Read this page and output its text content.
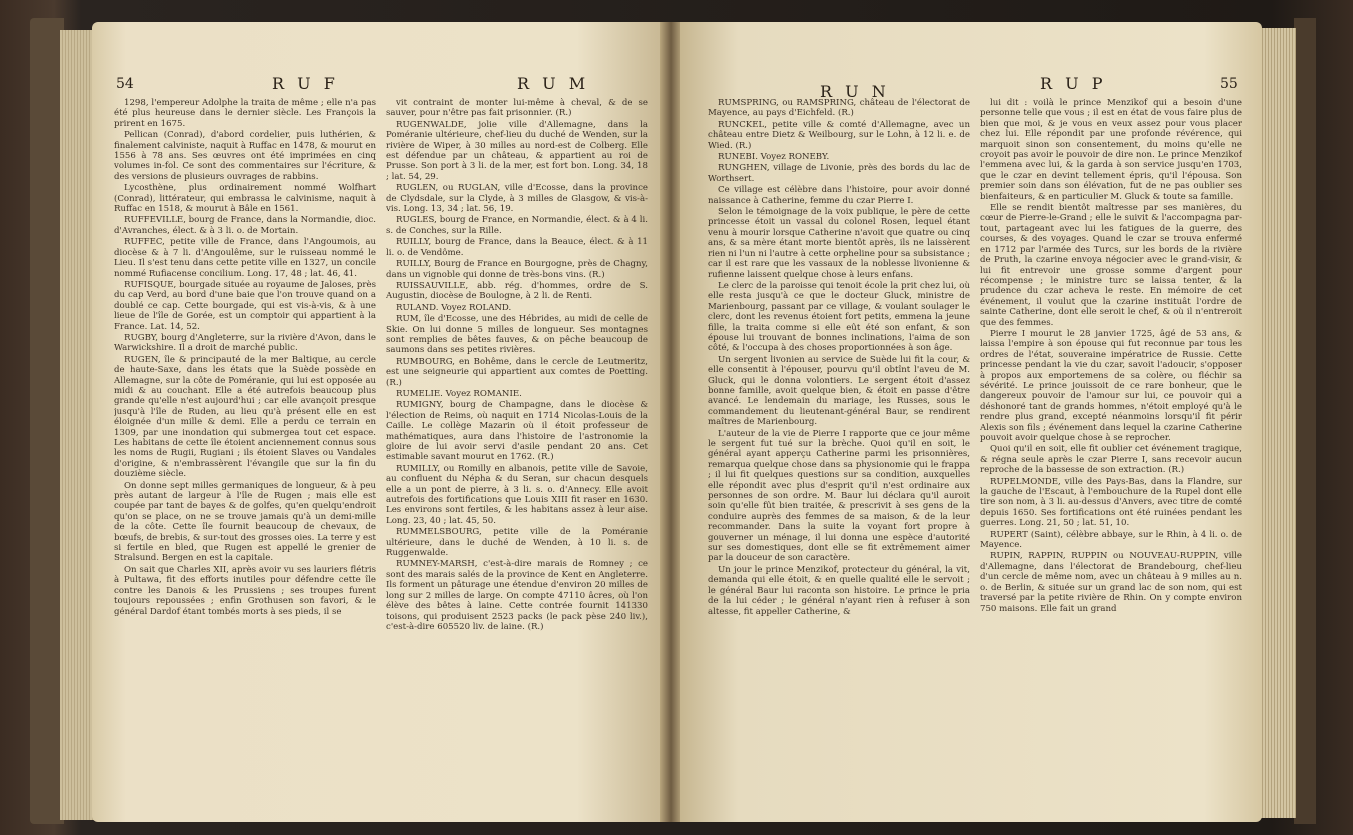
54	R U F	R U M

1298, l'empereur Adolphe la traita de même ; elle n'a pas été plus heureuse dans le dernier siècle. Les François la prirent en 1675.

Pellican (Conrad), d'abord cordelier, puis luthérien, & finalement calviniste, naquit à Ruffac en 1478, & mourut en 1556 à 78 ans. Ses œuvres ont été imprimées en cinq volumes in-fol. Ce sont des commentaires sur l'écriture, & des versions de plusieurs ouvrages de rabbins.

Lycosthène, plus ordinairement nommé Wolfhart (Conrad), littérateur, qui embrassa le calvinisme, naquit à Ruffac en 1518, & mourut à Bâle en 1561.

RUFFEVILLE, bourg de France, dans la Normandie, dioc. d'Avranches, élect. & à 3 li. o. de Mortain.

RUFFEC, petite ville de France, dans l'Angoumois, au diocèse & à 7 li. d'Angoulême, sur le ruisseau nommé le Lieu. Il s'est tenu dans cette petite ville en 1327, un concile nommé Rufiacense concilium. Long. 17, 48 ; lat. 46, 41.

RUFISQUE, bourgade située au royaume de Jaloses, près du cap Verd, au bord d'une baie que l'on trouve quand on a doublé ce cap. Cette bourgade, qui est vis-à-vis, & à une lieue de l'île de Gorée, est un comptoir qui appartient à la France. Lat. 14, 52.

RUGBY, bourg d'Angleterre, sur la rivière d'Avon, dans le Warwickshire. Il a droit de marché public.

RUGEN, île & principauté de la mer Baltique, au cercle de haute-Saxe, dans les états que la Suède possède en Allemagne, sur la côte de Poméranie, qui lui est opposée au midi & au couchant. Elle a été autrefois beaucoup plus grande qu'elle n'est aujourd'hui ; car elle avançoit presque jusqu'à l'île de Ruden, au lieu qu'à présent elle en est éloignée d'un mille & demi. Elle a perdu ce terrain en 1309, par une inondation qui submergea tout cet espace. Les habitans de cette île étoient anciennement connus sous les noms de Rugii, Rugiani ; ils étoient Slaves ou Vandales d'origine, & n'embrassèrent l'évangile que sur la fin du douzième siècle.

On donne sept milles germaniques de longueur, & à peu près autant de largeur à l'île de Rugen ; mais elle est coupée par tant de bayes & de golfes, qu'en quelqu'endroit qu'on se place, on ne se trouve jamais qu'à un demi-mille de la côte. Cette île fournit beaucoup de chevaux, de bœufs, de brebis, & sur-tout des grosses oies. La terre y est si fertile en bled, que Rugen est appellé le grenier de Stralsund. Bergen en est la capitale.

On sait que Charles XII, après avoir vu ses lauriers flétris à Pultawa, fit des efforts inutiles pour défendre cette île contre les Danois & les Prussiens ; ses troupes furent toujours repoussées ; enfin Grothusen son favori, & le général Dardof étant tombés morts à ses pieds, il se

vit contraint de monter lui-même à cheval, & de se sauver, pour n'être pas fait prisonnier. (R.)

RUGENWALDE, jolie ville d'Allemagne, dans la Poméranie ultérieure, chef-lieu du duché de Wenden, sur la rivière de Wiper, à 30 milles au nord-est de Colberg. Elle est défendue par un château, & appartient au roi de Prusse. Son port à 3 li. de la mer, est fort bon. Long. 34, 18 ; lat. 54, 29.

RUGLEN, ou RUGLAN, ville d'Ecosse, dans la province de Clydsdale, sur la Clyde, à 3 milles de Glasgow, & vis-à-vis. Long. 13, 34 ; lat. 56, 19.

RUGLES, bourg de France, en Normandie, élect. & à 4 li. s. de Conches, sur la Rille.

RUILLY, bourg de France, dans la Beauce, élect. & à 11 li. o. de Vendôme.

RUILLY, Bourg de France en Bourgogne, près de Chagny, dans un vignoble qui donne de très-bons vins. (R.)

RUISSAUVILLE, abb. rég. d'hommes, ordre de S. Augustin, diocèse de Boulogne, à 2 li. de Renti.

RULAND. Voyez ROLAND.

RUM, île d'Ecosse, une des Hébrides, au midi de celle de Skie. On lui donne 5 milles de longueur. Ses montagnes sont remplies de bêtes fauves, & on pêche beaucoup de saumons dans ses petites rivières.

RUMBOURG, en Bohême, dans le cercle de Leutmeritz, est une seigneurie qui appartient aux comtes de Poetting. (R.)

RUMELIE. Voyez ROMANIE.

RUMIGNY, bourg de Champagne, dans le diocèse & l'élection de Reims, où naquit en 1714 Nicolas-Louis de la Caille. Le collège Mazarin où il étoit professeur de mathématiques, aura dans l'histoire de l'astronomie la gloire de lui avoir servi d'asile pendant 20 ans. Cet estimable savant mourut en 1762. (R.)

RUMILLY, ou Romilly en albanois, petite ville de Savoie, au confluent du Népha & du Seran, sur chacun desquels elle a un pont de pierre, à 3 li. s. o. d'Annecy. Elle avoit autrefois des fortifications que Louis XIII fit raser en 1630. Les environs sont fertiles, & les habitans assez à leur aise. Long. 23, 40 ; lat. 45, 50.

RUMMELSBOURG, petite ville de la Poméranie ultérieure, dans le duché de Wenden, à 10 li. s. de Ruggenwalde.

RUMNEY-MARSH, c'est-à-dire marais de Romney ; ce sont des marais salés de la province de Kent en Angleterre. Ils forment un pâturage une étendue d'environ 20 milles de long sur 2 milles de large. On compte 47110 âcres, où l'on élève des bêtes à laine. Cette contrée fournit 141330 toisons, qui produisent 2523 packs (le pack pèse 240 liv.), c'est-à-dire 605520 liv. de laine. (R.)

R U N	R U P	55

RUMSPRING, ou RAMSPRING, château de l'électorat de Mayence, au pays d'Eichfeld. (R.)

RUNCKEL, petite ville & comté d'Allemagne, avec un château entre Dietz & Weilbourg, sur le Lohn, à 12 li. e. de Wied. (R.)

RUNEBI. Voyez RONEBY.

RUNGHEN, village de Livonie, près des bords du lac de Worthsert.

Ce village est célèbre dans l'histoire, pour avoir donné naissance à Catherine, femme du czar Pierre I.

Selon le témoignage de la voix publique, le père de cette princesse étoit un vassal du colonel Rosen, lequel étant venu à mourir lorsque Catherine n'avoit que quatre ou cinq ans, & sa mère étant morte bientôt après, ils ne laissèrent rien ni l'un ni l'autre à cette orpheline pour sa subsistance ; car il est rare que les vassaux de la noblesse livonienne & rufienne laissent quelque chose à leurs enfans.

Le clerc de la paroisse qui tenoit école la prit chez lui, où elle resta jusqu'à ce que le docteur Gluck, ministre de Marienbourg, passant par ce village, & voulant soulager le clerc, dont les revenus étoient fort petits, emmena la jeune fille, la traita comme si elle eût été son enfant, & son épouse lui trouvant de bonnes inclinations, l'aima de son côté, & l'occupa à des choses proportionnées à son âge.

Un sergent livonien au service de Suède lui fit la cour, & elle consentit à l'épouser, pourvu qu'il obtînt l'aveu de M. Gluck, qui le donna volontiers. Le sergent étoit d'assez bonne famille, avoit quelque bien, & étoit en passe d'être avancé. Le lendemain du mariage, les Russes, sous le commandement du lieutenant-général Baur, se rendirent maîtres de Marienbourg.

L'auteur de la vie de Pierre I rapporte que ce jour même le sergent fut tué sur la brèche. Quoi qu'il en soit, le général ayant apperçu Catherine parmi les prisonnières, remarqua quelque chose dans sa physionomie qui le frappa ; il lui fit quelques questions sur sa condition, auxquelles elle répondit avec plus d'esprit qu'il n'est ordinaire aux personnes de son ordre. M. Baur lui déclara qu'il auroit soin qu'elle fût bien traitée, & prescrivit à ses gens de la conduire auprès des femmes de sa maison, & de la leur recommander. Dans la suite la voyant fort propre à gouverner un ménage, il lui donna une espèce d'autorité sur ses domestiques, dont elle se fit extrêmement aimer par la douceur de son caractère.

Un jour le prince Menzikof, protecteur du général, la vit, demanda qui elle étoit, & en quelle qualité elle le servoit ; le général Baur lui raconta son histoire. Le prince le pria de la lui céder ; le général n'ayant rien à refuser à son altesse, fit appeller Catherine, &

lui dit : voilà le prince Menzikof qui a besoin d'une personne telle que vous ; il est en état de vous faire plus de bien que moi, & je vous en veux assez pour vous placer chez lui. Elle répondit par une profonde révérence, qui marquoit sinon son consentement, du moins qu'elle ne croyoit pas avoir le pouvoir de dire non. Le prince Menzikof l'emmena avec lui, & la garda à son service jusqu'en 1703, que le czar en devint tellement épris, qu'il l'épousa. Son premier soin dans son élévation, fut de ne pas oublier ses bienfaiteurs, & en particulier M. Gluck & toute sa famille.

Elle se rendit bientôt maîtresse par ses manières, du cœur de Pierre-le-Grand ; elle le suivit & l'accompagna par-tout, partageant avec lui les fatigues de la guerre, des courses, & des voyages. Quand le czar se trouva enfermé en 1712 par l'armée des Turcs, sur les bords de la rivière de Pruth, la czarine envoya négocier avec le grand-visir, & lui fit entrevoir une grosse somme d'argent pour récompense ; le ministre turc se laissa tenter, & la prudence du czar acheva le reste. En mémoire de cet événement, il voulut que la czarine instituât l'ordre de sainte Catherine, dont elle seroit le chef, & où il n'entreroit que des femmes.

Pierre I mourut le 28 janvier 1725, âgé de 53 ans, & laissa l'empire à son épouse qui fut reconnue par tous les ordres de l'état, souveraine impératrice de Russie. Cette princesse pendant la vie du czar, savoit l'adoucir, s'opposer à propos aux emportemens de sa colère, ou fléchir sa sévérité. Le prince jouissoit de ce rare bonheur, que le dangereux pouvoir de l'amour sur lui, ce pouvoir qui a déshonoré tant de grands hommes, n'étoit employé qu'à le rendre plus grand, excepté néanmoins lorsqu'il fit périr Alexis son fils ; événement dans lequel la czarine Catherine pouvoit avoir quelque chose à se reprocher.

Quoi qu'il en soit, elle fit oublier cet événement tragique, & régna seule après le czar Pierre I, sans recevoir aucun reproche de la bassesse de son extraction. (R.)

RUPELMONDE, ville des Pays-Bas, dans la Flandre, sur la gauche de l'Escaut, à l'embouchure de la Rupel dont elle tire son nom, à 3 li. au-dessus d'Anvers, avec titre de comté depuis 1650. Ses fortifications ont été ruinées pendant les guerres. Long. 21, 50 ; lat. 51, 10.

RUPERT (Saint), célèbre abbaye, sur le Rhin, à 4 li. o. de Mayence.

RUPIN, RAPPIN, RUPPIN ou NOUVEAU-RUPPIN, ville d'Allemagne, dans l'électorat de Brandebourg, chef-lieu d'un cercle de même nom, avec un château à 9 milles au n. o. de Berlin, & située sur un grand lac de son nom, qui est traversé par la petite rivière de Rhin. On y compte environ 750 maisons. Elle fait un grand
